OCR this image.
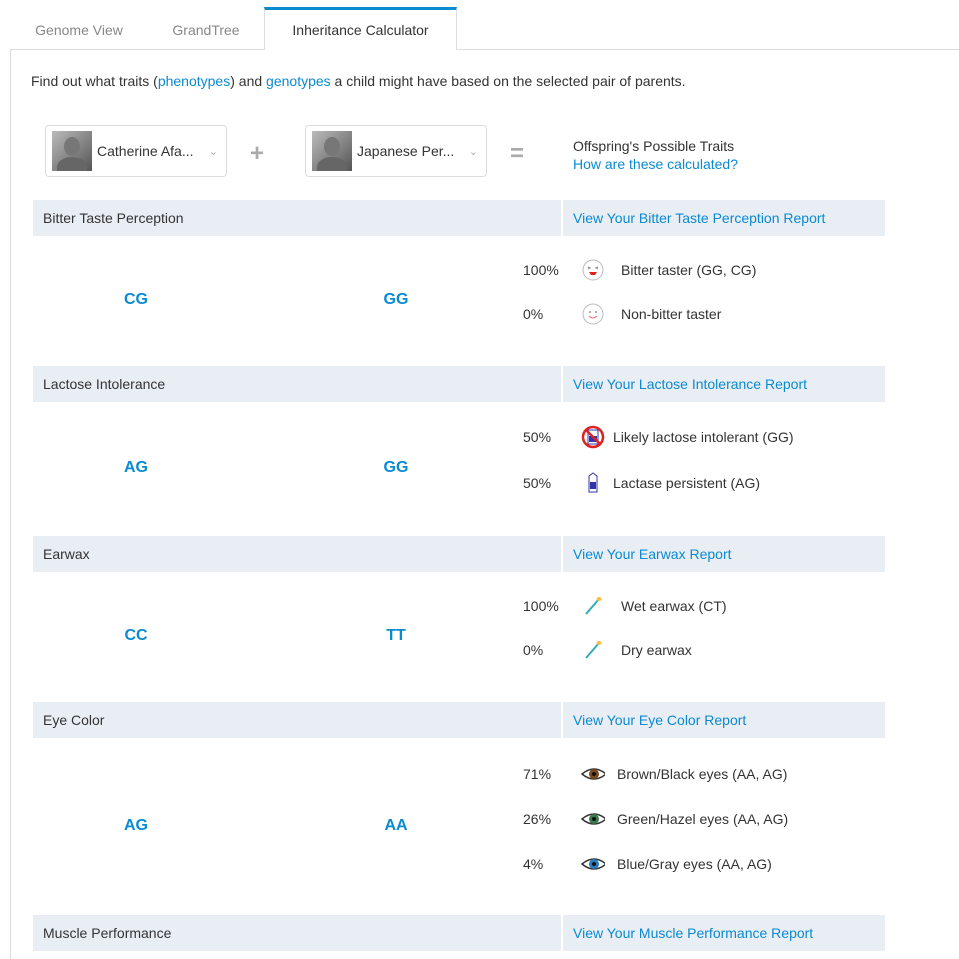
Genome View	GrandTree	Inheritance Calculator
Find out what traits (phenotypes) and genotypes a child might have based on the selected pair of parents.
Catherine Afa...	⌄ +	Japanese Per...	⌄ =	Offspring's Possible Traits
How are these calculated?
Bitter Taste Perception	View Your Bitter Taste Perception Report
CG	GG
100%	Bitter taster (GG, CG)
0%	Non-bitter taster
Lactose Intolerance	View Your Lactose Intolerance Report
AG	GG
50%	Likely lactose intolerant (GG)
50%	Lactase persistent (AG)
Earwax	View Your Earwax Report
CC	TT
100%	Wet earwax (CT)
0%	Dry earwax
Eye Color	View Your Eye Color Report
AG	AA
71%	Brown/Black eyes (AA, AG)
26%	Green/Hazel eyes (AA, AG)
4%	Blue/Gray eyes (AA, AG)
Muscle Performance	View Your Muscle Performance Report
